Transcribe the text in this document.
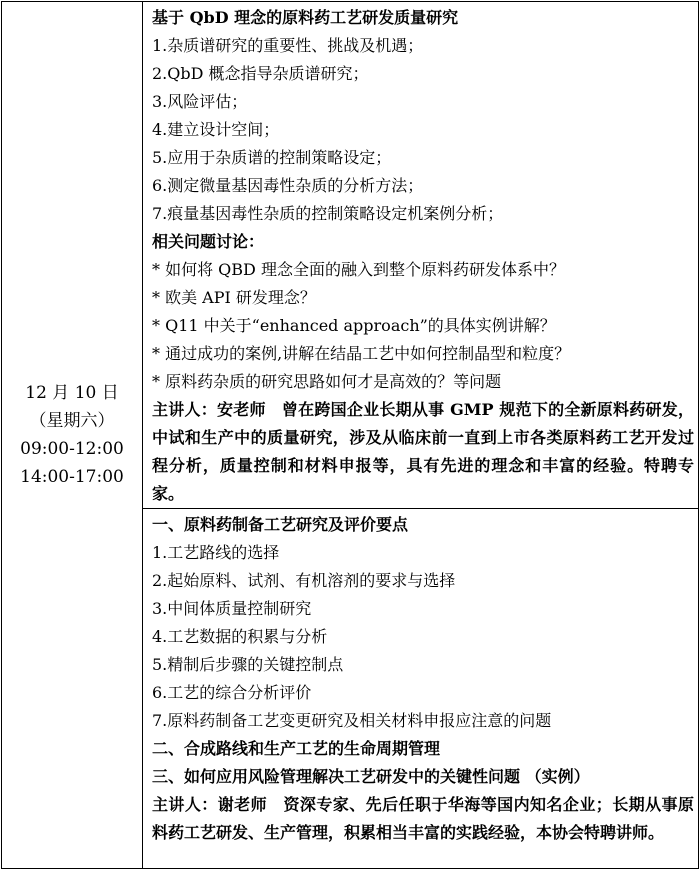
12 月 10 日
（星期六）
09:00-12:00
14:00-17:00

基于 QbD 理念的原料药工艺研发质量研究
1.杂质谱研究的重要性、挑战及机遇；
2.QbD 概念指导杂质谱研究；
3.风险评估；
4.建立设计空间；
5.应用于杂质谱的控制策略设定；
6.测定微量基因毒性杂质的分析方法；
7.痕量基因毒性杂质的控制策略设定机案例分析；
相关问题讨论：
* 如何将 QBD 理念全面的融入到整个原料药研发体系中？
* 欧美 API 研发理念？
* Q11 中关于“enhanced approach”的具体实例讲解？
* 通过成功的案例,讲解在结晶工艺中如何控制晶型和粒度？
* 原料药杂质的研究思路如何才是高效的？等问题
主讲人：安老师　曾在跨国企业长期从事 GMP 规范下的全新原料药研发，中试和生产中的质量研究，涉及从临床前一直到上市各类原料药工艺开发过程分析，质量控制和材料申报等，具有先进的理念和丰富的经验。特聘专家。

一、原料药制备工艺研究及评价要点
1.工艺路线的选择
2.起始原料、试剂、有机溶剂的要求与选择
3.中间体质量控制研究
4.工艺数据的积累与分析
5.精制后步骤的关键控制点
6.工艺的综合分析评价
7.原料药制备工艺变更研究及相关材料申报应注意的问题
二、合成路线和生产工艺的生命周期管理
三、如何应用风险管理解决工艺研发中的关键性问题 （实例）
主讲人：谢老师　资深专家、先后任职于华海等国内知名企业；长期从事原料药工艺研发、生产管理，积累相当丰富的实践经验，本协会特聘讲师。
